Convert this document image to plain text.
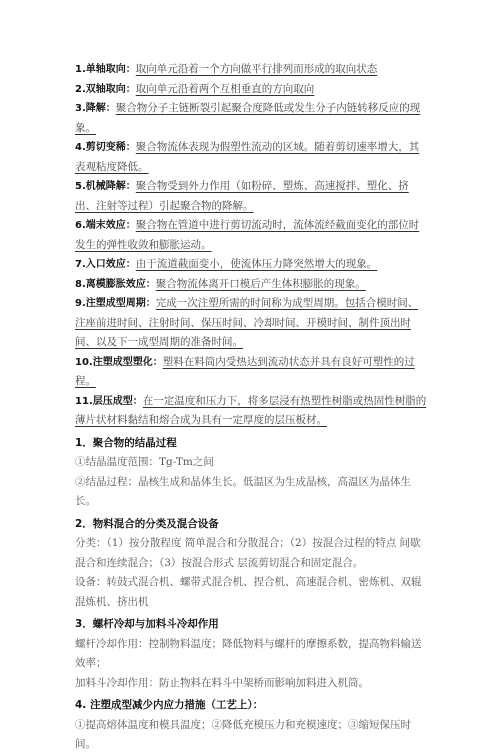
1.单轴取向：取向单元沿着一个方向做平行排列而形成的取向状态
2.双轴取向：取向单元沿着两个互相垂直的方向取向
3.降解：聚合物分子主链断裂引起聚合度降低或发生分子内链转移反应的现象。
4.剪切变稀：聚合物流体表现为假塑性流动的区域。随着剪切速率增大，其表观粘度降低。
5.机械降解：聚合物受到外力作用（如粉碎、塑炼、高速搅拌、塑化、挤出、注射等过程）引起聚合物的降解。
6.端末效应：聚合物在管道中进行剪切流动时，流体流经截面变化的部位时发生的弹性收敛和膨胀运动。
7.入口效应：由于流道截面变小，使流体压力降突然增大的现象。
8.离模膨胀效应：聚合物流体离开口模后产生体积膨胀的现象。
9.注塑成型周期：完成一次注塑所需的时间称为成型周期。包括合模时间、注座前进时间、注射时间、保压时间、冷却时间、开模时间、制件顶出时间、以及下一成型周期的准备时间。
10.注塑成型塑化：塑料在料筒内受热达到流动状态并具有良好可塑性的过程。
11.层压成型：在一定温度和压力下，将多层浸有热塑性树脂或热固性树脂的薄片状材料黏结和熔合成为具有一定厚度的层压板材。
1．聚合物的结晶过程
①结晶温度范围：Tg-Tm之间
②结晶过程：晶核生成和晶体生长。低温区为生成晶核，高温区为晶体生长。
2．物料混合的分类及混合设备
分类：（1）按分散程度 简单混合和分散混合；（2）按混合过程的特点 间歇混合和连续混合；（3）按混合形式 层流剪切混合和固定混合。
设备：转鼓式混合机、螺带式混合机、捏合机、高速混合机、密炼机、双辊混炼机、挤出机
3．螺杆冷却与加料斗冷却作用
螺杆冷却作用：控制物料温度；降低物料与螺杆的摩擦系数，提高物料输送效率；
加料斗冷却作用：防止物料在料斗中架桥而影响加料进入机筒。
4. 注塑成型减少内应力措施（工艺上）：
①提高熔体温度和模具温度；②降低充模压力和充模速度；③缩短保压时间。
